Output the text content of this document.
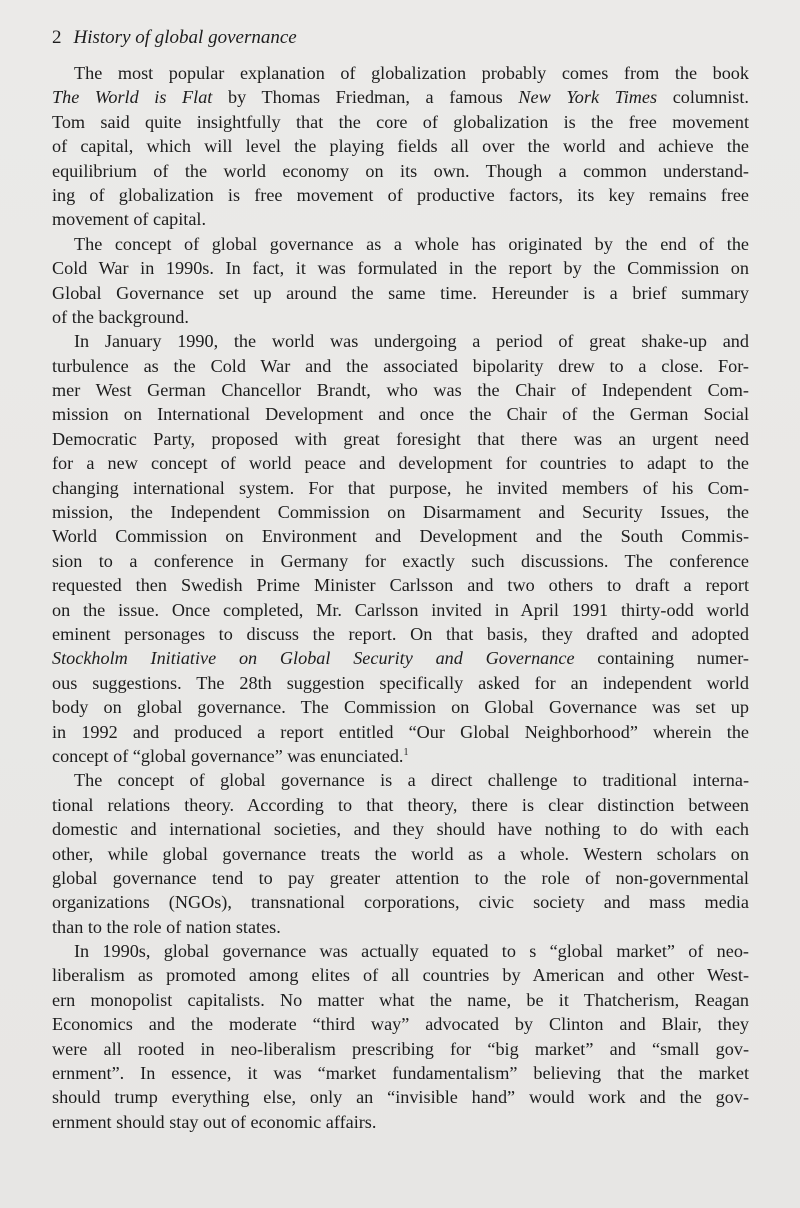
2 History of global governance
The most popular explanation of globalization probably comes from the book
The World is Flat by Thomas Friedman, a famous New York Times columnist.
Tom said quite insightfully that the core of globalization is the free movement
of capital, which will level the playing fields all over the world and achieve the
equilibrium of the world economy on its own. Though a common understand-
ing of globalization is free movement of productive factors, its key remains free
movement of capital.
The concept of global governance as a whole has originated by the end of the
Cold War in 1990s. In fact, it was formulated in the report by the Commission on
Global Governance set up around the same time. Hereunder is a brief summary
of the background.
In January 1990, the world was undergoing a period of great shake-up and
turbulence as the Cold War and the associated bipolarity drew to a close. For-
mer West German Chancellor Brandt, who was the Chair of Independent Com-
mission on International Development and once the Chair of the German Social
Democratic Party, proposed with great foresight that there was an urgent need
for a new concept of world peace and development for countries to adapt to the
changing international system. For that purpose, he invited members of his Com-
mission, the Independent Commission on Disarmament and Security Issues, the
World Commission on Environment and Development and the South Commis-
sion to a conference in Germany for exactly such discussions. The conference
requested then Swedish Prime Minister Carlsson and two others to draft a report
on the issue. Once completed, Mr. Carlsson invited in April 1991 thirty-odd world
eminent personages to discuss the report. On that basis, they drafted and adopted
Stockholm Initiative on Global Security and Governance containing numer-
ous suggestions. The 28th suggestion specifically asked for an independent world
body on global governance. The Commission on Global Governance was set up
in 1992 and produced a report entitled “Our Global Neighborhood” wherein the
concept of “global governance” was enunciated.$^1$
The concept of global governance is a direct challenge to traditional interna-
tional relations theory. According to that theory, there is clear distinction between
domestic and international societies, and they should have nothing to do with each
other, while global governance treats the world as a whole. Western scholars on
global governance tend to pay greater attention to the role of non-governmental
organizations (NGOs), transnational corporations, civic society and mass media
than to the role of nation states.
In 1990s, global governance was actually equated to s “global market” of neo-
liberalism as promoted among elites of all countries by American and other West-
ern monopolist capitalists. No matter what the name, be it Thatcherism, Reagan
Economics and the moderate “third way” advocated by Clinton and Blair, they
were all rooted in neo-liberalism prescribing for “big market” and “small gov-
ernment”. In essence, it was “market fundamentalism” believing that the market
should trump everything else, only an “invisible hand” would work and the gov-
ernment should stay out of economic affairs.
